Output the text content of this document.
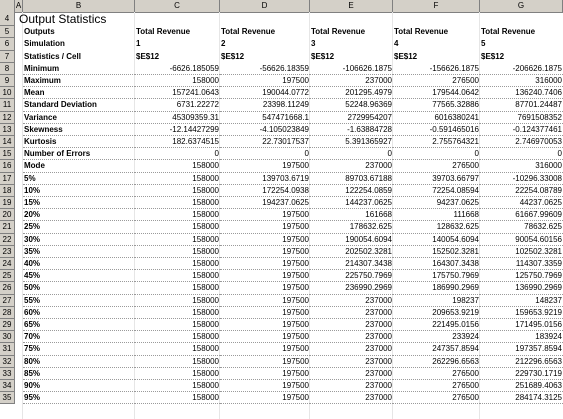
A	B	C	D	E	F	G
4 Output Statistics
5	Outputs	Total Revenue	Total Revenue	Total Revenue	Total Revenue	Total Revenue
6	Simulation	1	2	3	4	5
7	Statistics / Cell	$E$12	$E$12	$E$12	$E$12	$E$12
8	Minimum	-6626.185059	-56626.18359	-106626.1875	-156626.1875	-206626.1875
9	Maximum	158000	197500	237000	276500	316000
10	Mean	157241.0643	190044.0772	201295.4979	179544.0642	136240.7406
11	Standard Deviation	6731.22272	23398.11249	52248.96369	77565.32886	87701.24487
12	Variance	45309359.31	547471668.1	2729954207	6016380241	7691508352
13	Skewness	-12.14427299	-4.105023849	-1.63884728	-0.591465016	-0.124377461
14	Kurtosis	182.6374515	22.73017537	5.391365927	2.755764321	2.746970053
15	Number of Errors	0	0	0	0	0
16	Mode	158000	197500	237000	276500	316000
17	5%	158000	139703.6719	89703.67188	39703.66797	-10296.33008
18	10%	158000	172254.0938	122254.0859	72254.08594	22254.08789
19	15%	158000	194237.0625	144237.0625	94237.0625	44237.0625
20	20%	158000	197500	161668	111668	61667.99609
21	25%	158000	197500	178632.625	128632.625	78632.625
22	30%	158000	197500	190054.6094	140054.6094	90054.60156
23	35%	158000	197500	202502.3281	152502.3281	102502.3281
24	40%	158000	197500	214307.3438	164307.3438	114307.3359
25	45%	158000	197500	225750.7969	175750.7969	125750.7969
26	50%	158000	197500	236990.2969	186990.2969	136990.2969
27	55%	158000	197500	237000	198237	148237
28	60%	158000	197500	237000	209653.9219	159653.9219
29	65%	158000	197500	237000	221495.0156	171495.0156
30	70%	158000	197500	237000	233924	183924
31	75%	158000	197500	237000	247357.8594	197357.8594
32	80%	158000	197500	237000	262296.6563	212296.6563
33	85%	158000	197500	237000	276500	229730.1719
34	90%	158000	197500	237000	276500	251689.4063
35	95%	158000	197500	237000	276500	284174.3125
